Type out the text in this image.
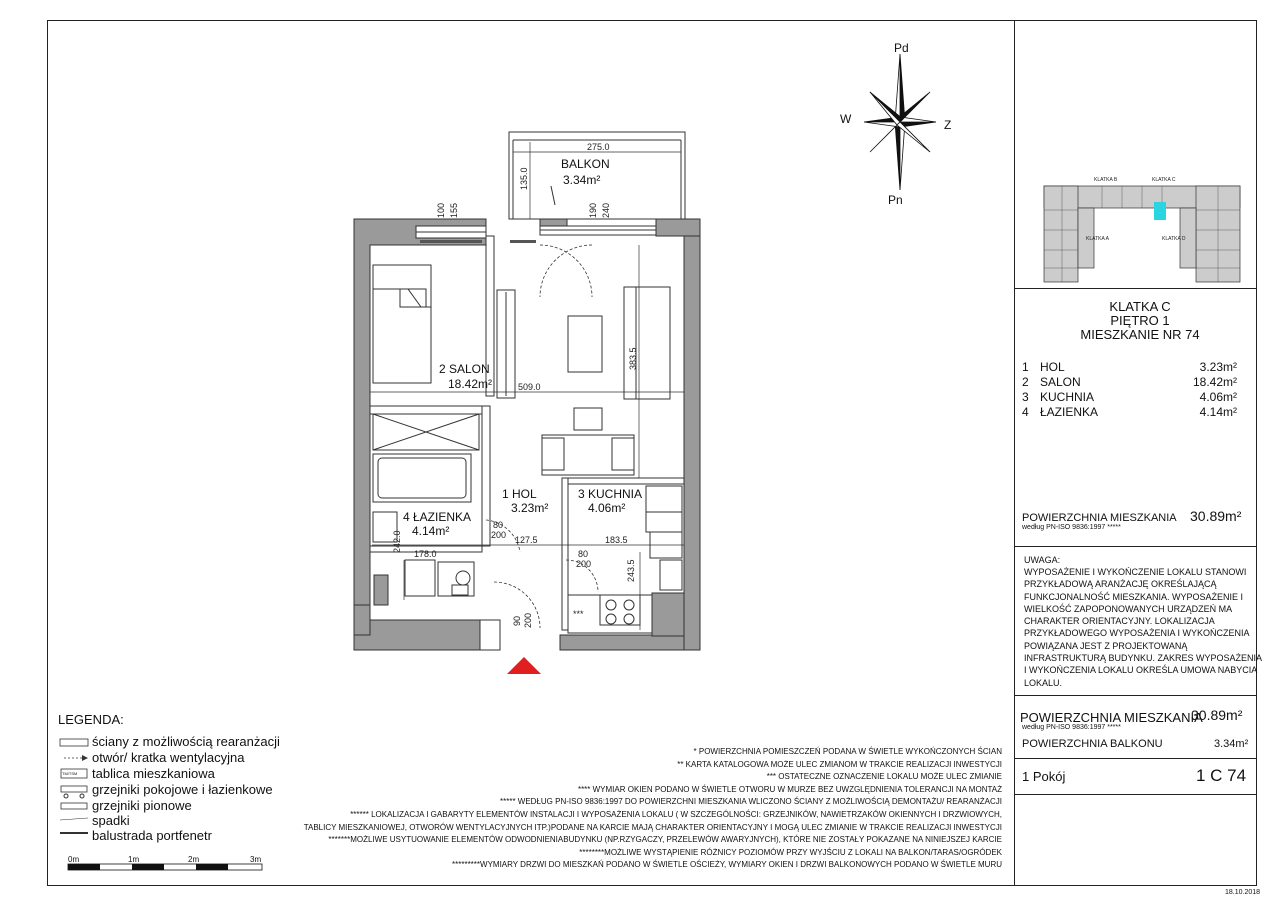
***
BALKON
3.34m²
2 SALON
18.42m²
1 HOL
3.23m²
3 KUCHNIA
4.06m²
4 ŁAZIENKA
4.14m²
275.0
135.0
100 155	190 240
509.0
383.5
80
200 127.5	183.5
80
200
178.0
242.0
243.5
90 200
Pd
Pn
W	Z
KLATKA B	KLATKA C
KLATKA A	KLATKA D
KLATKA C
PIĘTRO 1
MIESZKANIE NR 74
1 HOL	3.23m²
2 SALON	18.42m²
3 KUCHNIA	4.06m²
4 ŁAZIENKA	4.14m²
POWIERZCHNIA MIESZKANIA
według PN-ISO 9836:1997 *****
30.89m²
UWAGA:
WYPOSAŻENIE I WYKOŃCZENIE LOKALU STANOWI
PRZYKŁADOWĄ ARANŻACJĘ OKREŚLAJĄCĄ
FUNKCJONALNOŚĆ MIESZKANIA. WYPOSAŻENIE I
WIELKOŚĆ ZAPOPONOWANYCH URZĄDZEŃ MA
CHARAKTER ORIENTACYJNY. LOKALIZACJA
PRZYKŁADOWEGO WYPOSAŻENIA I WYKOŃCZENIA
POWIĄZANA JEST Z PROJEKTOWANĄ
INFRASTRUKTURĄ BUDYNKU. ZAKRES WYPOSAŻENIA
I WYKOŃCZENIA LOKALU OKREŚLA UMOWA NABYCIA
LOKALU.
POWIERZCHNIA MIESZKANIA
według PN-ISO 9836:1997 *****
30.89m²
POWIERZCHNIA BALKONU	3.34m²
1 Pokój	1 C 74
18.10.2018
LEGENDA:
TM/TSM
ściany z możliwością rearanżacji
otwór/ kratka wentylacyjna
tablica mieszkaniowa
grzejniki pokojowe i łazienkowe
grzejniki pionowe
spadki
balustrada portfenetr
0m	1m	2m	3m
* POWIERZCHNIA POMIESZCZEŃ PODANA W ŚWIETLE WYKOŃCZONYCH ŚCIAN
** KARTA KATALOGOWA MOŻE ULEC ZMIANOM W TRAKCIE REALIZACJI INWESTYCJI
*** OSTATECZNE OZNACZENIE LOKALU MOŻE ULEC ZMIANIE
**** WYMIAR OKIEN PODANO W ŚWIETLE OTWORU W MURZE BEZ UWZGLĘDNIENIA TOLERANCJI NA MONTAŻ
***** WEDŁUG PN-ISO 9836:1997 DO POWIERZCHNI MIESZKANIA WLICZONO ŚCIANY Z MOŻLIWOŚCIĄ DEMONTAŻU/ REARANŻACJI
****** LOKALIZACJA I GABARYTY ELEMENTÓW INSTALACJI I WYPOSAŻENIA LOKALU ( W SZCZEGÓLNOŚCI: GRZEJNIKÓW, NAWIETRZAKÓW OKIENNYCH I DRZWIOWYCH,
TABLICY MIESZKANIOWEJ, OTWORÓW WENTYLACYJNYCH ITP.)PODANE NA KARCIE MAJĄ CHARAKTER ORIENTACYJNY I MOGĄ ULEC ZMIANIE W TRAKCIE REALIZACJI INWESTYCJI
*******MOŻLIWE USYTUOWANIE ELEMENTÓW ODWODNIENIABUDYNKU (NP.RZYGACZY, PRZELEWÓW AWARYJNYCH), KTÓRE NIE ZOSTAŁY POKAZANE NA NINIEJSZEJ KARCIE
********MOŻLIWE WYSTĄPIENIE RÓŻNICY POZIOMÓW PRZY WYJŚCIU Z LOKALI NA BALKON/TARAS/OGRÓDEK
*********WYMIARY DRZWI DO MIESZKAŃ PODANO W ŚWIETLE OŚCIEŻY, WYMIARY OKIEN I DRZWI BALKONOWYCH PODANO W ŚWIETLE MURU
